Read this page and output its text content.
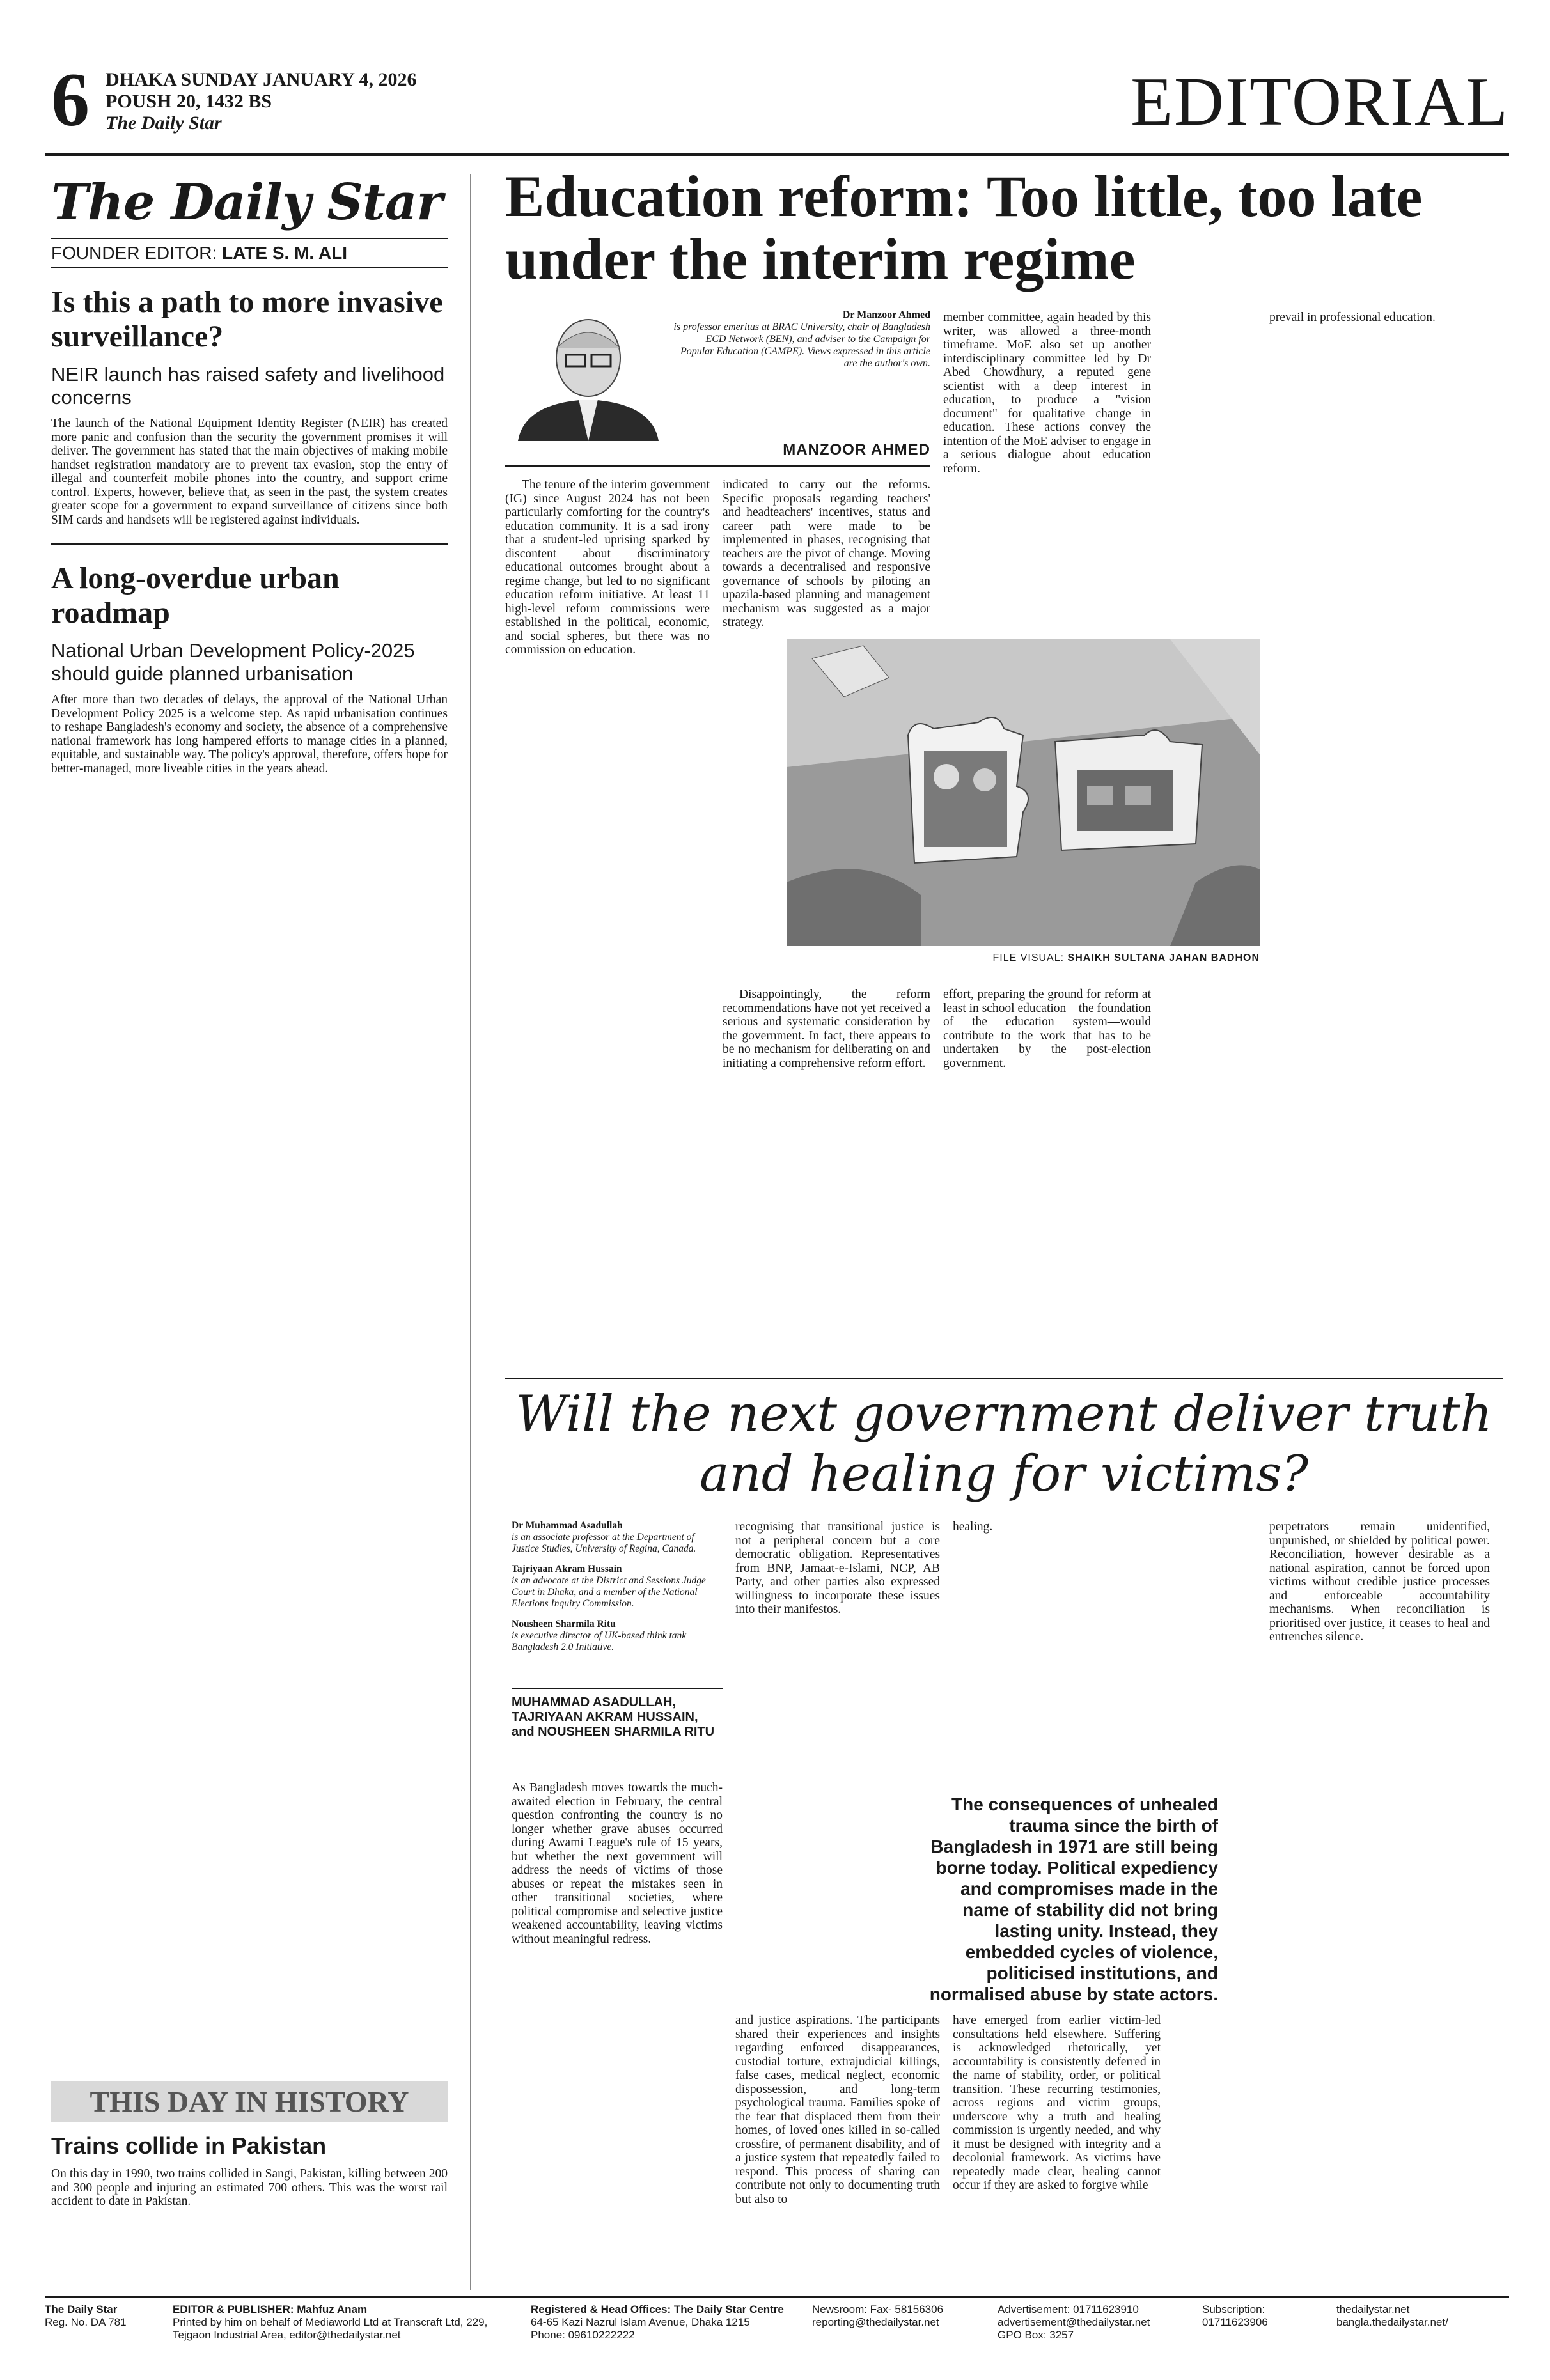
6 DHAKA SUNDAY JANUARY 4, 2026
POUSH 20, 1432 BS
The Daily Star	EDITORIAL
The Daily Star
FOUNDER EDITOR: LATE S. M. ALI
Is this a path to more invasive surveillance?
NEIR launch has raised safety and livelihood concerns

The launch of the National Equipment Identity Register (NEIR) has created more panic and confusion than the security the government promises it will deliver. The government has stated that the main objectives of making mobile handset registration mandatory are to prevent tax evasion, stop the entry of illegal and counterfeit mobile phones into the country, and support crime control. Experts, however, believe that, as seen in the past, the system creates greater scope for a government to expand surveillance of citizens since both SIM cards and handsets will be registered against individuals.

A long-overdue urban roadmap
National Urban Development Policy-2025 should guide planned urbanisation

After more than two decades of delays, the approval of the National Urban Development Policy 2025 is a welcome step. As rapid urbanisation continues to reshape Bangladesh's economy and society, the absence of a comprehensive national framework has long hampered efforts to manage cities in a planned, equitable, and sustainable way. The policy's approval, therefore, offers hope for better-managed, more liveable cities in the years ahead.

THIS DAY IN HISTORY
Trains collide in Pakistan
On this day in 1990, two trains collided in Sangi, Pakistan, killing between 200 and 300 people and injuring an estimated 700 others. This was the worst rail accident to date in Pakistan.
Education reform: Too little, too late under the interim regime
Dr Manzoor Ahmed
is professor emeritus at BRAC University, chair of Bangladesh ECD Network (BEN), and adviser to the Campaign for Popular Education (CAMPE). Views expressed in this article are the author's own.
MANZOOR AHMED

The tenure of the interim government (IG) since August 2024 has not been particularly comforting for the country's education community. It is a sad irony that a student-led uprising sparked by discontent about discriminatory educational outcomes brought about a regime change, but led to no significant education reform initiative. At least 11 high-level reform commissions were established in the political, economic, and social spheres, but there was no commission on education.

indicated to carry out the reforms. Specific proposals regarding teachers' and headteachers' incentives, status and career path were made to be implemented in phases, recognising that teachers are the pivot of change. Moving towards a decentralised and responsive governance of schools by piloting an upazila-based planning and management mechanism was suggested as a major strategy.

member committee, again headed by this writer, was allowed a three-month timeframe. MoE also set up another interdisciplinary committee led by Dr Abed Chowdhury, a reputed gene scientist with a deep interest in education, to produce a "vision document" for qualitative change in education. These actions convey the intention of the MoE adviser to engage in a serious dialogue about education reform.

prevail in professional education.

FILE VISUAL: SHAIKH SULTANA JAHAN BADHON

Disappointingly, the reform recommendations have not yet received a serious and systematic consideration by the government. In fact, there appears to be no mechanism for deliberating on and initiating a comprehensive reform effort.

effort, preparing the ground for reform at least in school education—the foundation of the education system—would contribute to the work that has to be undertaken by the post-election government.

Will the next government deliver truth and healing for victims?
Dr Muhammad Asadullah
is an associate professor at the Department of Justice Studies, University of Regina, Canada.
Tajriyaan Akram Hussain
is an advocate at the District and Sessions Judge Court in Dhaka, and a member of the National Elections Inquiry Commission.
Nousheen Sharmila Ritu
is executive director of UK-based think tank Bangladesh 2.0 Initiative.
MUHAMMAD ASADULLAH, TAJRIYAAN AKRAM HUSSAIN, and NOUSHEEN SHARMILA RITU

As Bangladesh moves towards the much-awaited election in February, the central question confronting the country is no longer whether grave abuses occurred during Awami League's rule of 15 years, but whether the next government will address the needs of victims of those abuses or repeat the mistakes seen in other transitional societies, where political compromise and selective justice weakened accountability, leaving victims without meaningful redress.

recognising that transitional justice is not a peripheral concern but a core democratic obligation. Representatives from BNP, Jamaat-e-Islami, NCP, AB Party, and other parties also expressed willingness to incorporate these issues into their manifestos.

healing.	perpetrators remain unidentified, unpunished, or shielded by political power. Reconciliation, however desirable as a national aspiration, cannot be forced upon victims without credible justice processes and enforceable accountability mechanisms. When reconciliation is prioritised over justice, it ceases to heal and entrenches silence.

The consequences of unhealed trauma since the birth of Bangladesh in 1971 are still being borne today. Political expediency and compromises made in the name of stability did not bring lasting unity. Instead, they embedded cycles of violence, politicised institutions, and normalised abuse by state actors.

and justice aspirations. The participants shared their experiences and insights regarding enforced disappearances, custodial torture, extrajudicial killings, false cases, medical neglect, economic dispossession, and long-term psychological trauma. Families spoke of the fear that displaced them from their homes, of loved ones killed in so-called crossfire, of permanent disability, and of a justice system that repeatedly failed to respond. This process of sharing can contribute not only to documenting truth but also to

have emerged from earlier victim-led consultations held elsewhere. Suffering is acknowledged rhetorically, yet accountability is consistently deferred in the name of stability, order, or political transition. These recurring testimonies, across regions and victim groups, underscore why a truth and healing commission is urgently needed, and why it must be designed with integrity and a decolonial framework. As victims have repeatedly made clear, healing cannot occur if they are asked to forgive while

The Daily Star
Reg. No. DA 781
EDITOR & PUBLISHER: Mahfuz Anam
Printed by him on behalf of Mediaworld Ltd at Transcraft Ltd, 229,
Tejgaon Industrial Area, editor@thedailystar.net
Registered & Head Offices: The Daily Star Centre
64-65 Kazi Nazrul Islam Avenue, Dhaka 1215
Phone: 09610222222
Newsroom: Fax- 58156306
reporting@thedailystar.net
Advertisement: 01711623910
advertisement@thedailystar.net
GPO Box: 3257
Subscription:
01711623906
thedailystar.net
bangla.thedailystar.net/
